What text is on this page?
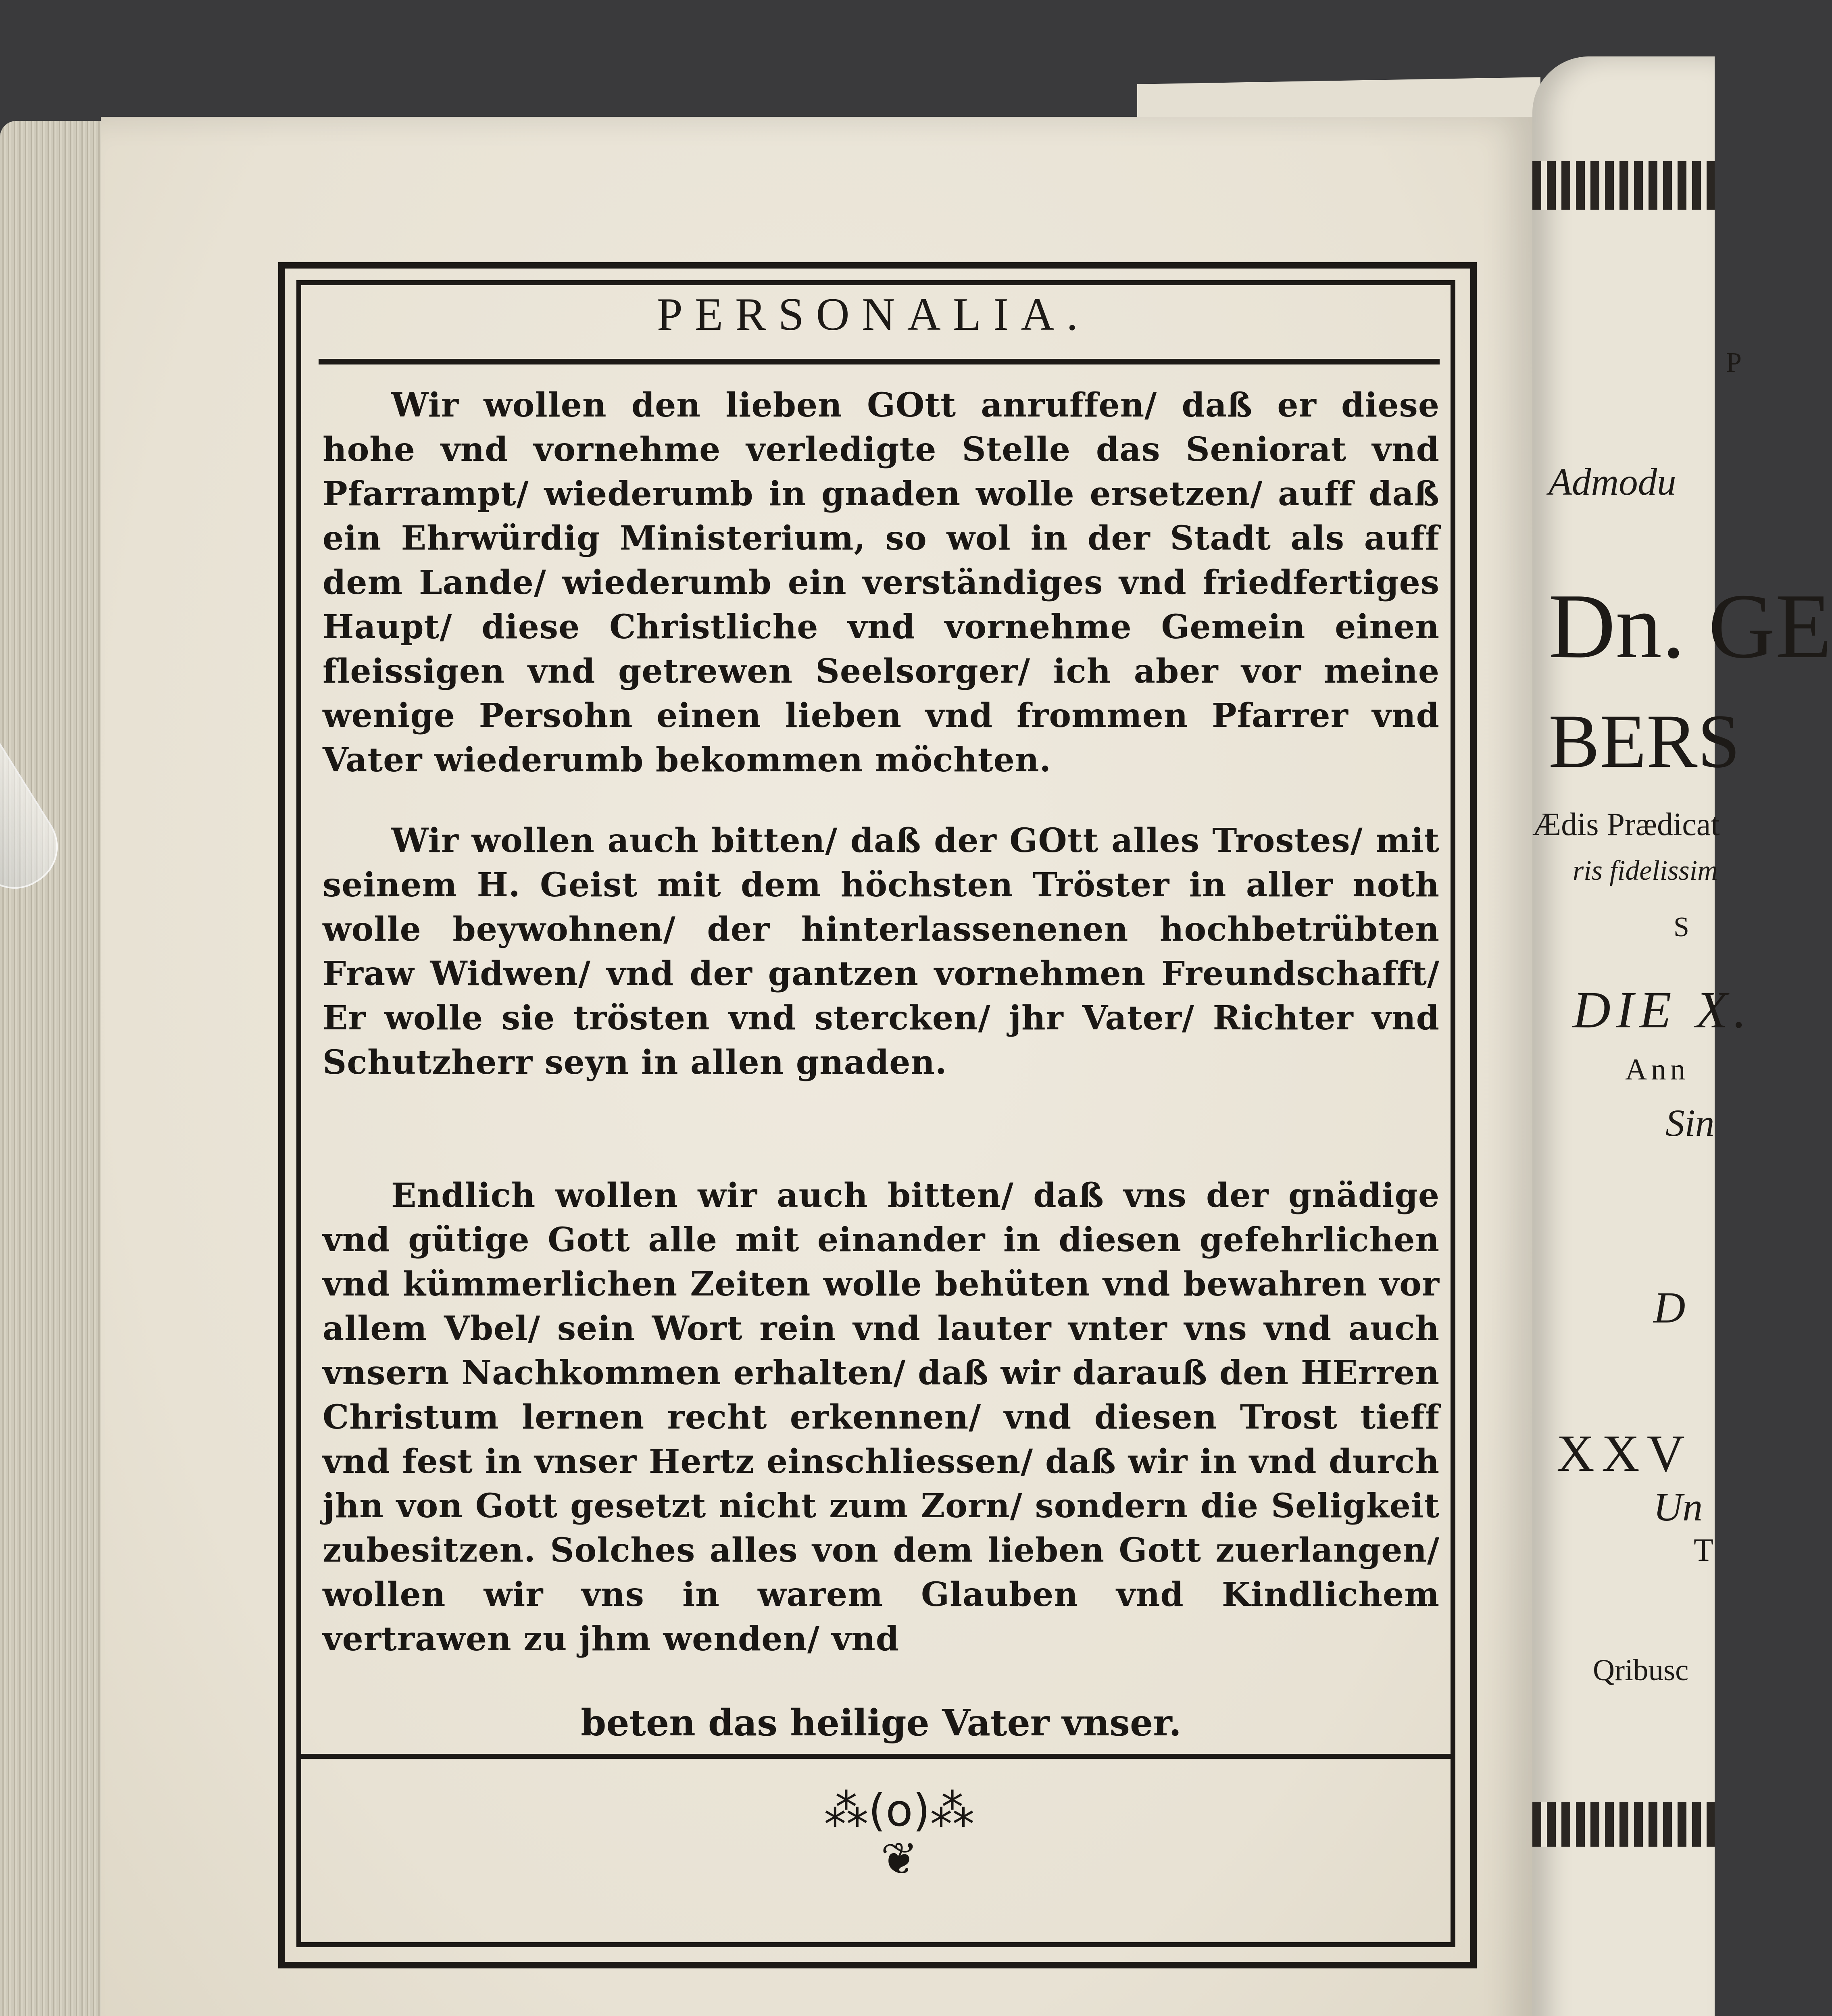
P
Admodu
Dn. GE
BERS
Ædis Prædicat
ris fidelissim
S
DIE X.
Ann
Sin
D
XXV
Un
T
Qribusc
PERSONALIA.
Wir wollen den lieben GOtt anruffen/ daß er diese hohe vnd vornehme verledigte Stelle das Seniorat vnd Pfarrampt/ wiederumb in gnaden wolle ersetzen/ auff daß ein Ehrwürdig Ministerium, so wol in der Stadt als auff dem Lande/ wiederumb ein verständiges vnd friedfertiges Haupt/ diese Christliche vnd vornehme Gemein einen fleissigen vnd getrewen Seelsorger/ ich aber vor meine wenige Persohn einen lieben vnd frommen Pfarrer vnd Vater wiederumb bekommen möchten.
Wir wollen auch bitten/ daß der GOtt alles Trostes/ mit seinem H. Geist mit dem höchsten Tröster in aller noth wolle beywohnen/ der hinterlassenenen hochbetrübten Fraw Widwen/ vnd der gantzen vornehmen Freundschafft/ Er wolle sie trösten vnd stercken/ jhr Vater/ Richter vnd Schutzherr seyn in allen gnaden.
Endlich wollen wir auch bitten/ daß vns der gnädige vnd gütige Gott alle mit einander in diesen gefehrlichen vnd kümmerlichen Zeiten wolle behüten vnd bewahren vor allem Vbel/ sein Wort rein vnd lauter vnter vns vnd auch vnsern Nachkommen erhalten/ daß wir darauß den HErren Christum lernen recht erkennen/ vnd diesen Trost tieff vnd fest in vnser Hertz einschliessen/ daß wir in vnd durch jhn von Gott gesetzt nicht zum Zorn/ sondern die Seligkeit zubesitzen. Solches alles von dem lieben Gott zuerlangen/ wollen wir vns in warem Glauben vnd Kindlichem vertrawen zu jhm wenden/ vnd
beten das heilige Vater vnser.
⁂(o)⁂
❦
